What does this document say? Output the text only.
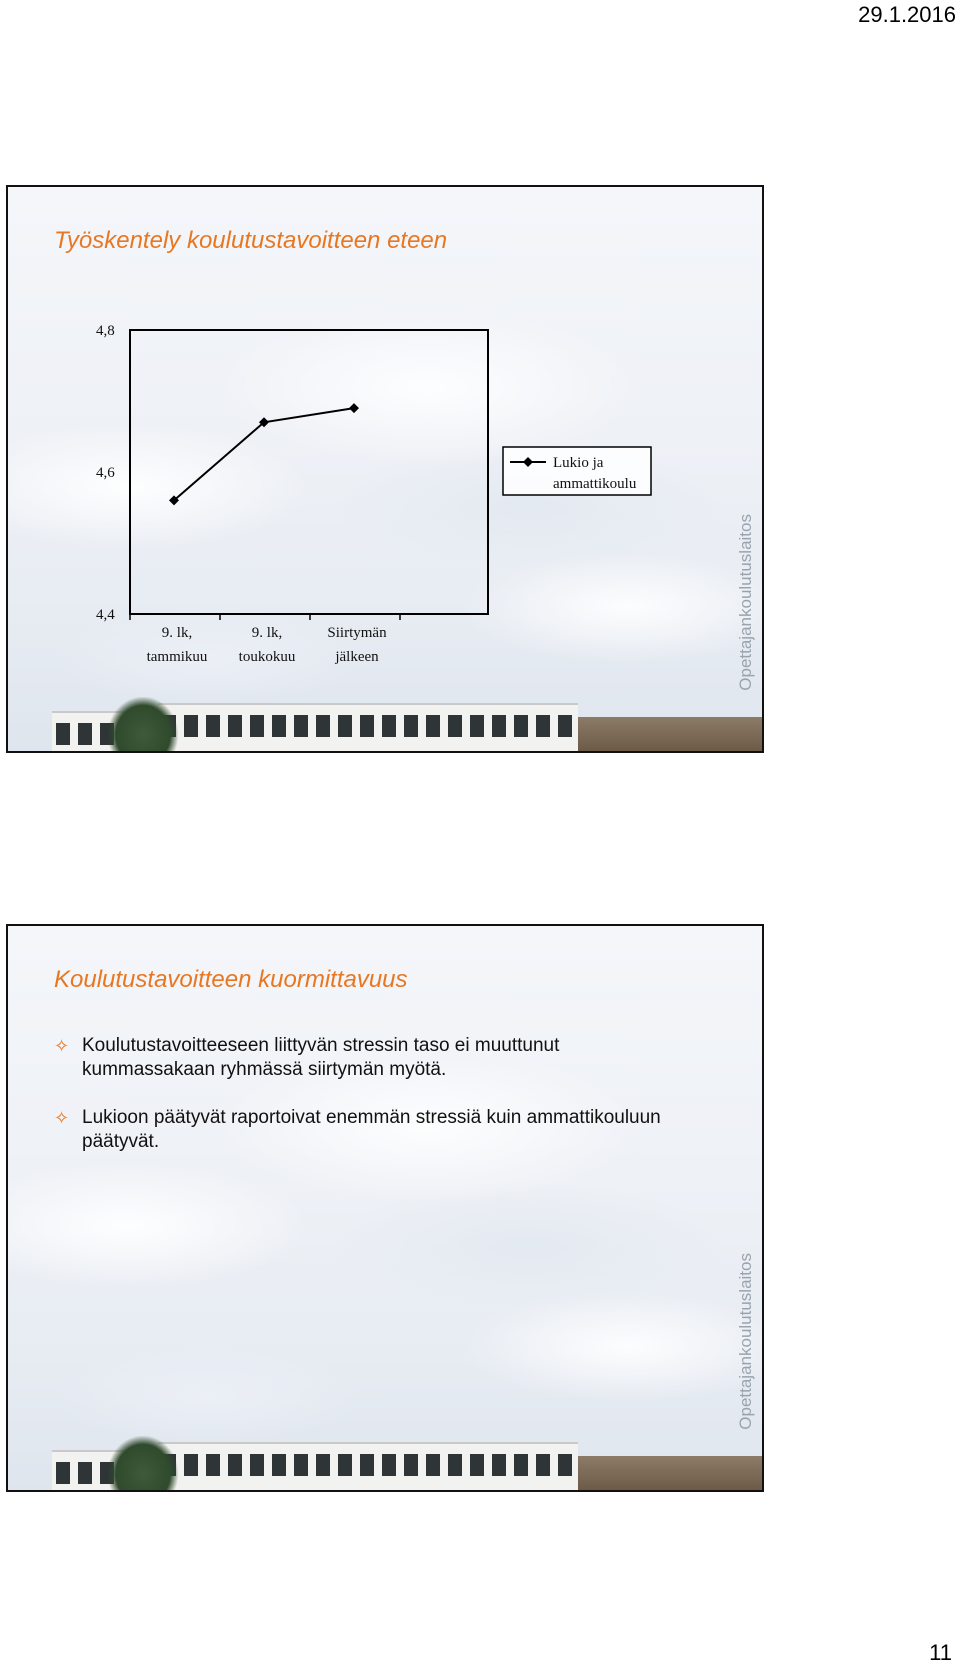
29.1.2016
Työskentely koulutustavoitteen eteen
4,8
4,6
4,4
9. lk,
tammikuu
9. lk,
toukokuu
Siirtymän
jälkeen
Lukio ja
ammattikoulu
Opettajankoulutuslaitos
Koulutustavoitteen kuormittavuus
✧ Koulutustavoitteeseen liittyvän stressin taso ei muuttunut kummassakaan ryhmässä siirtymän myötä.
✧ Lukioon päätyvät raportoivat enemmän stressiä kuin ammattikouluun päätyvät.
Opettajankoulutuslaitos
11
